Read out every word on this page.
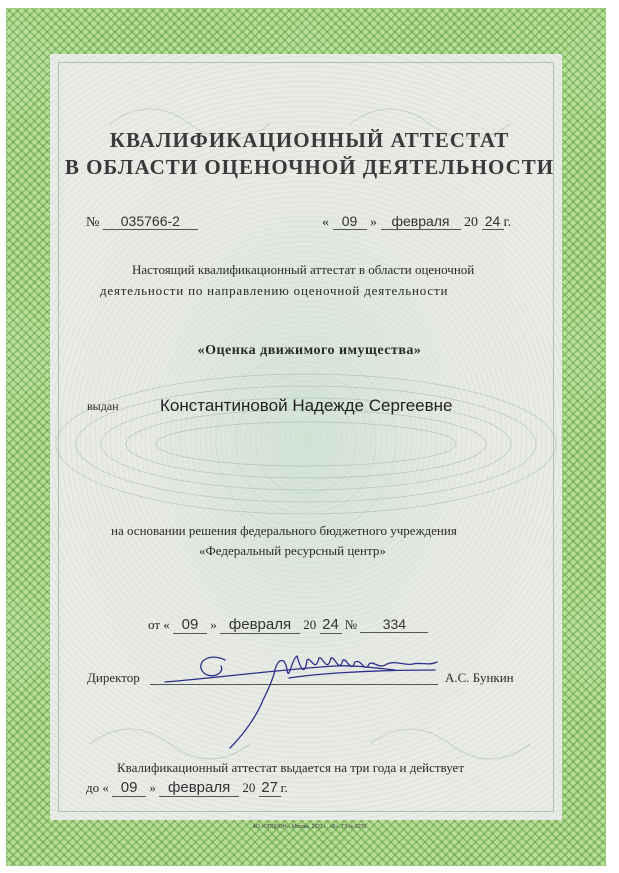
КВАЛИФИКАЦИОННЫЙ АТТЕСТАТ
В ОБЛАСТИ ОЦЕНОЧНОЙ ДЕЯТЕЛЬНОСТИ
№ 035766-2	« 09 » февраля 20 24 г.
Настоящий квалификационный аттестат в области оценочной
деятельности по направлению оценочной деятельности
«Оценка движимого имущества»
выдан Константиновой Надежде Сергеевне
на основании решения федерального бюджетного учреждения
«Федеральный ресурсный центр»
от « 09 » февраля 20 24 № 334
Директор	А.С. Бункин
Квалификационный аттестат выдается на три года и действует
до « 09 » февраля 20 27 г.
АО «ОПЦИОН», Москва, 2021 г., «Б», Т3 № 6270
